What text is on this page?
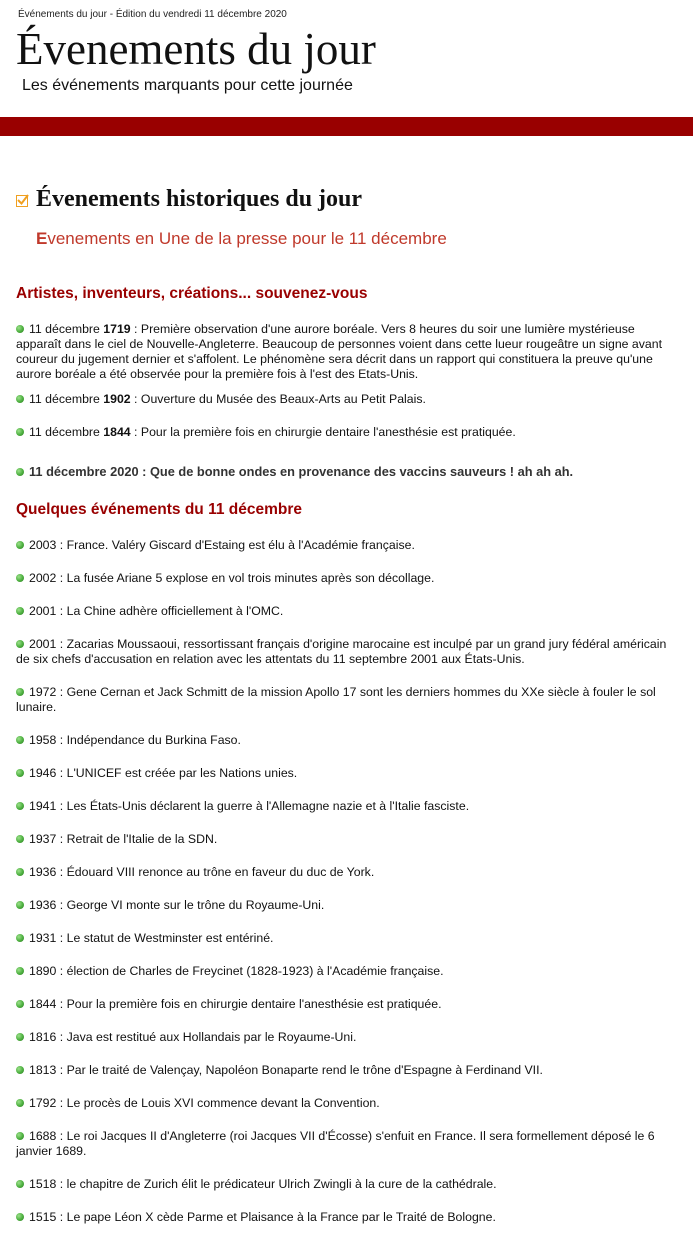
Événements du jour - Édition du vendredi 11 décembre 2020
Évenements du jour
Les événements marquants pour cette journée
Évenements historiques du jour
Evenements en Une de la presse pour le 11 décembre
Artistes, inventeurs, créations... souvenez-vous
11 décembre 1719 : Première observation d'une aurore boréale. Vers 8 heures du soir une lumière mystérieuse apparaît dans le ciel de Nouvelle-Angleterre. Beaucoup de personnes voient dans cette lueur rougeâtre un signe avant coureur du jugement dernier et s'affolent. Le phénomène sera décrit dans un rapport qui constituera la preuve qu'une aurore boréale a été observée pour la première fois à l'est des Etats-Unis.
11 décembre 1902 : Ouverture du Musée des Beaux-Arts au Petit Palais.
11 décembre 1844 : Pour la première fois en chirurgie dentaire l'anesthésie est pratiquée.
11 décembre 2020 : Que de bonne ondes en provenance des vaccins sauveurs ! ah ah ah.
Quelques événements du 11 décembre
2003 : France. Valéry Giscard d'Estaing est élu à l'Académie française.
2002 : La fusée Ariane 5 explose en vol trois minutes après son décollage.
2001 : La Chine adhère officiellement à l'OMC.
2001 : Zacarias Moussaoui, ressortissant français d'origine marocaine est inculpé par un grand jury fédéral américain de six chefs d'accusation en relation avec les attentats du 11 septembre 2001 aux États-Unis.
1972 : Gene Cernan et Jack Schmitt de la mission Apollo 17 sont les derniers hommes du XXe siècle à fouler le sol lunaire.
1958 : Indépendance du Burkina Faso.
1946 : L'UNICEF est créée par les Nations unies.
1941 : Les États-Unis déclarent la guerre à l'Allemagne nazie et à l'Italie fasciste.
1937 : Retrait de l'Italie de la SDN.
1936 : Édouard VIII renonce au trône en faveur du duc de York.
1936 : George VI monte sur le trône du Royaume-Uni.
1931 : Le statut de Westminster est entériné.
1890 : élection de Charles de Freycinet (1828-1923) à l'Académie française.
1844 : Pour la première fois en chirurgie dentaire l'anesthésie est pratiquée.
1816 : Java est restitué aux Hollandais par le Royaume-Uni.
1813 : Par le traité de Valençay, Napoléon Bonaparte rend le trône d'Espagne à Ferdinand VII.
1792 : Le procès de Louis XVI commence devant la Convention.
1688 : Le roi Jacques II d'Angleterre (roi Jacques VII d'Écosse) s'enfuit en France. Il sera formellement déposé le 6 janvier 1689.
1518 : le chapitre de Zurich élit le prédicateur Ulrich Zwingli à la cure de la cathédrale.
1515 : Le pape Léon X cède Parme et Plaisance à la France par le Traité de Bologne.
